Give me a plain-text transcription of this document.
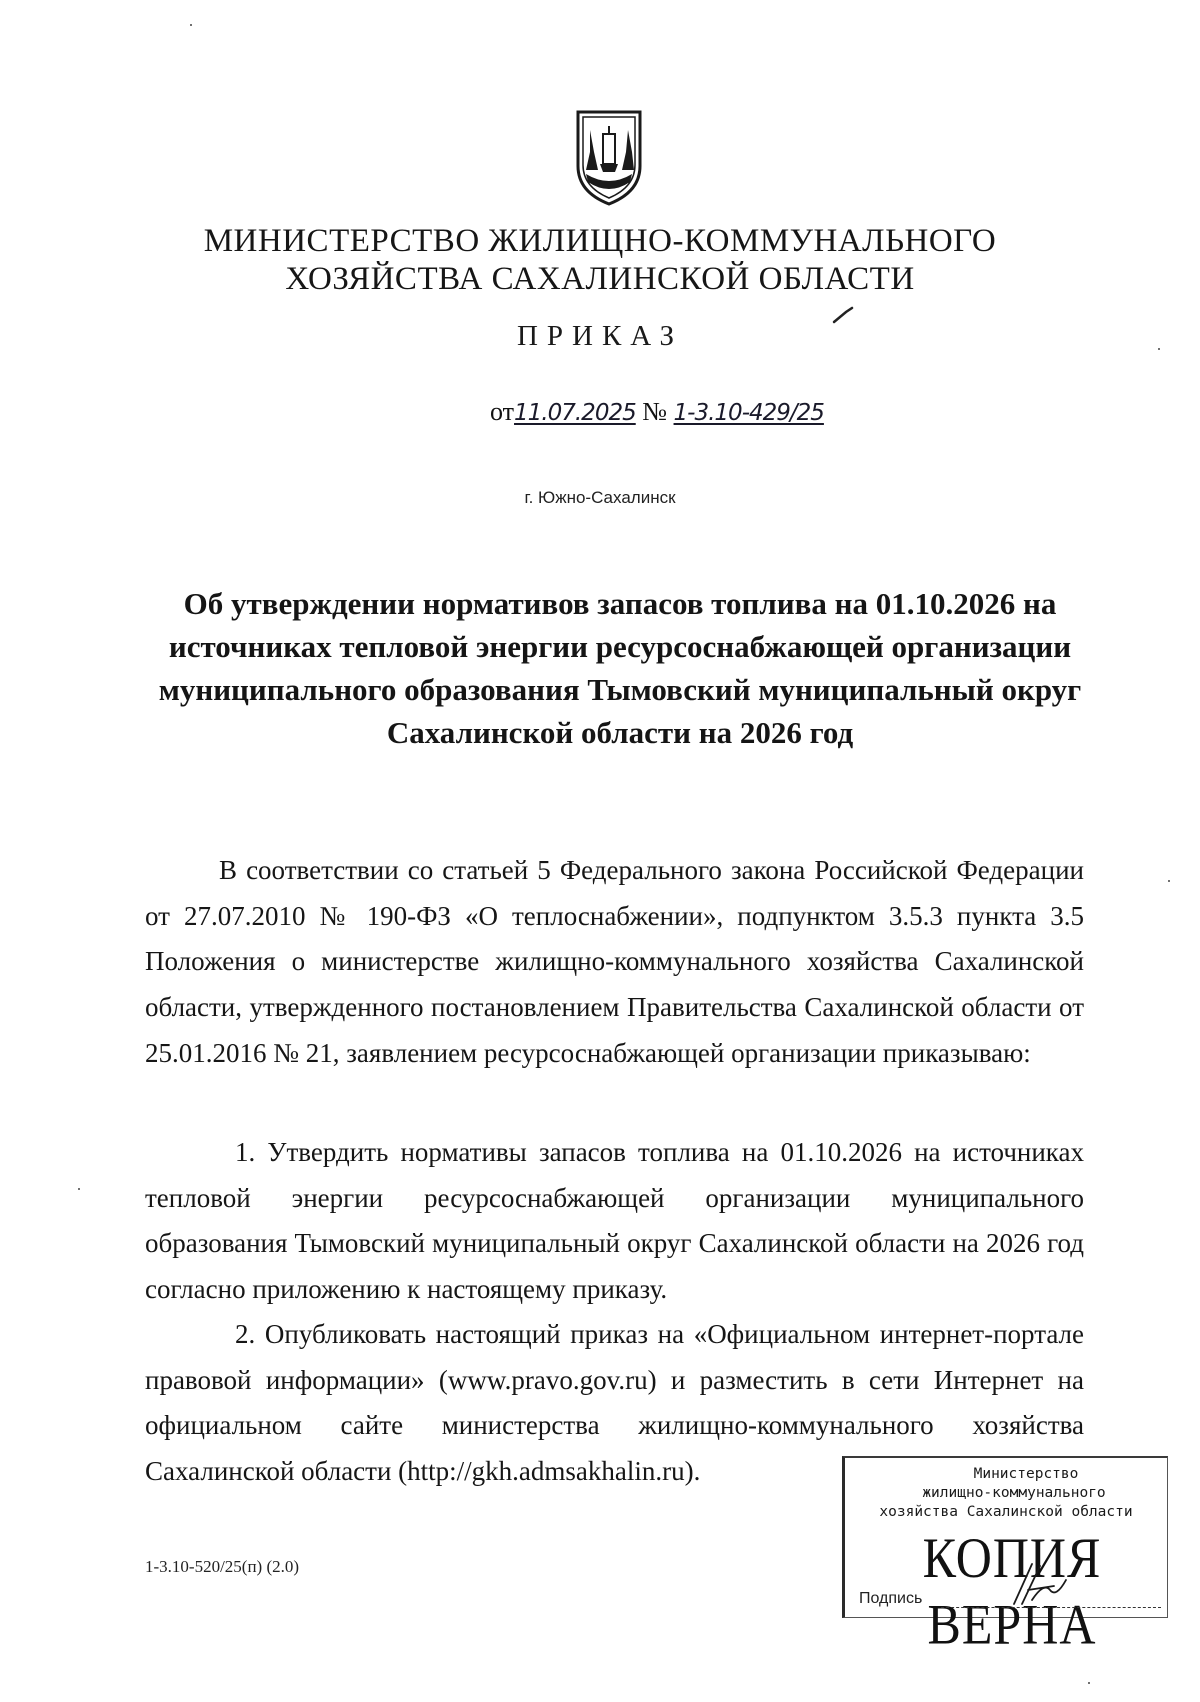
МИНИСТЕРСТВО ЖИЛИЩНО-КОММУНАЛЬНОГО
ХОЗЯЙСТВА САХАЛИНСКОЙ ОБЛАСТИ
ПРИКАЗ
от11.07.2025 № 1-3.10-429/25
г. Южно-Сахалинск
Об утверждении нормативов запасов топлива на 01.10.2026 на источниках тепловой энергии ресурсоснабжающей организации муниципального образования Тымовский муниципальный округ Сахалинской области на 2026 год
В соответствии со статьей 5 Федерального закона Российской Федерации от 27.07.2010 № 190-ФЗ «О теплоснабжении», подпунктом 3.5.3 пункта 3.5 Положения о министерстве жилищно-коммунального хозяйства Сахалинской области, утвержденного постановлением Правительства Сахалинской области от 25.01.2016 № 21, заявлением ресурсоснабжающей организации приказываю:
1. Утвердить нормативы запасов топлива на 01.10.2026 на источниках тепловой энергии ресурсоснабжающей организации муниципального образования Тымовский муниципальный округ Сахалинской области на 2026 год согласно приложению к настоящему приказу.
2. Опубликовать настоящий приказ на «Официальном интернет-портале правовой информации» (www.pravo.gov.ru) и разместить в сети Интернет на официальном сайте министерства жилищно-коммунального хозяйства Сахалинской области (http://gkh.admsakhalin.ru).
1-3.10-520/25(п) (2.0)
Министерство
жилищно-коммунального
хозяйства Сахалинской области
КОПИЯ ВЕРНА
Подпись
